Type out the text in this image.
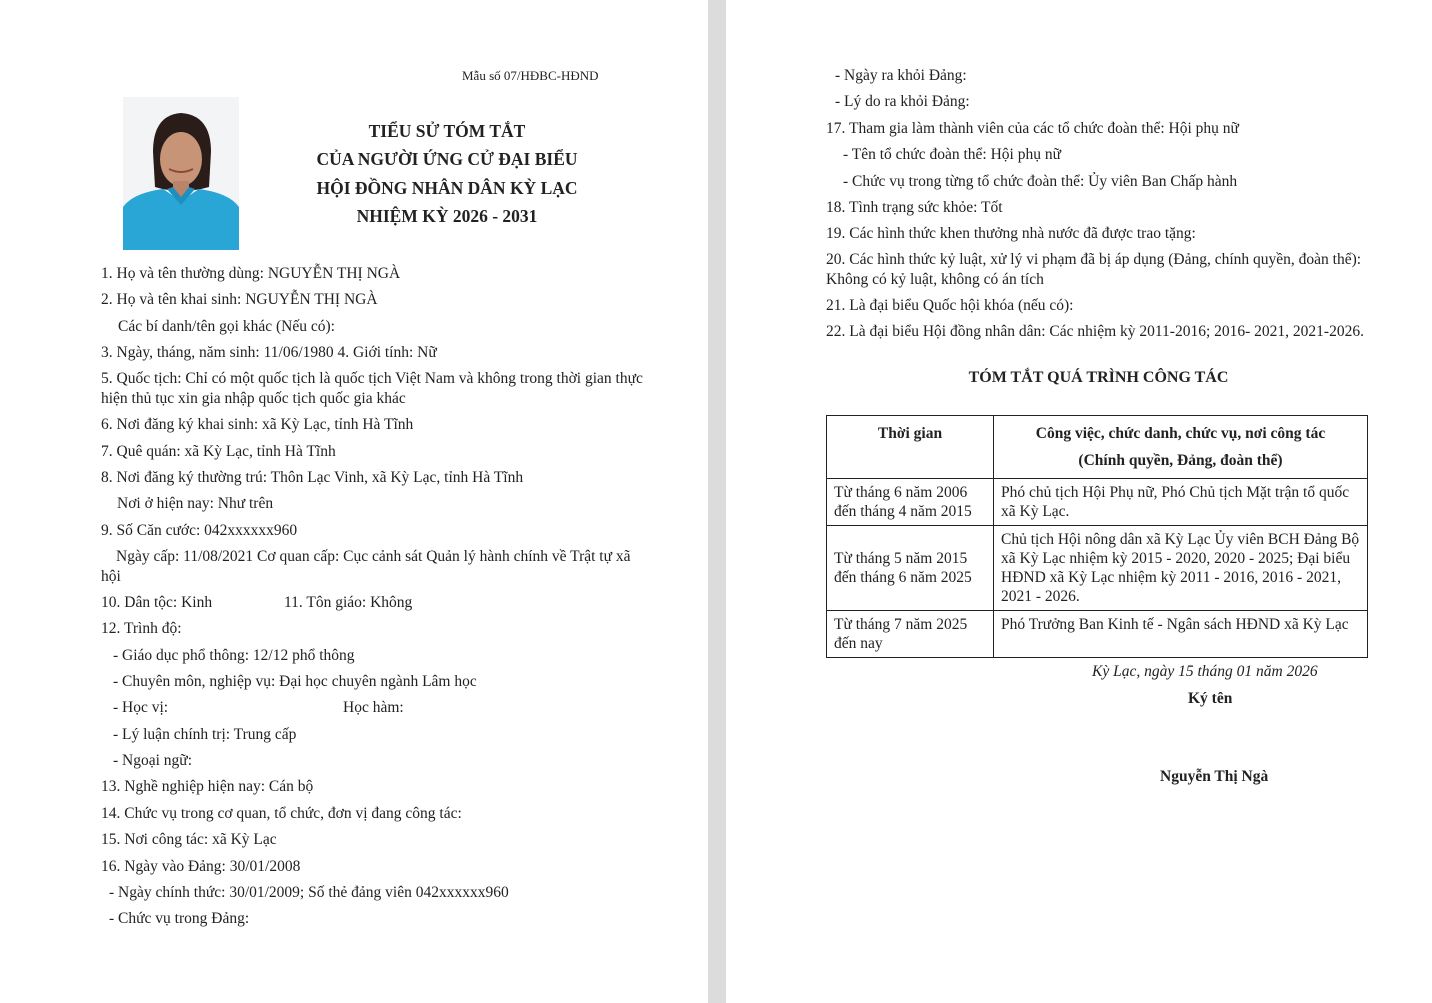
Mẫu số 07/HĐBC-HĐND
TIỂU SỬ TÓM TẮT
CỦA NGƯỜI ỨNG CỬ ĐẠI BIỂU
HỘI ĐỒNG NHÂN DÂN KỲ LẠC
NHIỆM KỲ 2026 - 2031
1. Họ và tên thường dùng: NGUYỄN THỊ NGÀ
2. Họ và tên khai sinh: NGUYỄN THỊ NGÀ
Các bí danh/tên gọi khác (Nếu có):
3. Ngày, tháng, năm sinh: 11/06/1980 4. Giới tính: Nữ
5. Quốc tịch: Chỉ có một quốc tịch là quốc tịch Việt Nam và không trong thời gian thực hiện thủ tục xin gia nhập quốc tịch quốc gia khác
6. Nơi đăng ký khai sinh: xã Kỳ Lạc, tỉnh Hà Tĩnh
7. Quê quán: xã Kỳ Lạc, tỉnh Hà Tĩnh
8. Nơi đăng ký thường trú: Thôn Lạc Vinh, xã Kỳ Lạc, tỉnh Hà Tĩnh
Nơi ở hiện nay: Như trên
9. Số Căn cước: 042xxxxxx960
Ngày cấp: 11/08/2021 Cơ quan cấp: Cục cảnh sát Quản lý hành chính về Trật tự xã hội
10. Dân tộc: Kinh	11. Tôn giáo: Không
12. Trình độ:
- Giáo dục phổ thông: 12/12 phổ thông
- Chuyên môn, nghiệp vụ: Đại học chuyên ngành Lâm học
- Học vị:	Học hàm:
- Lý luận chính trị: Trung cấp
- Ngoại ngữ:
13. Nghề nghiệp hiện nay: Cán bộ
14. Chức vụ trong cơ quan, tổ chức, đơn vị đang công tác:
15. Nơi công tác: xã Kỳ Lạc
16. Ngày vào Đảng: 30/01/2008
- Ngày chính thức: 30/01/2009; Số thẻ đảng viên 042xxxxxx960
- Chức vụ trong Đảng:
- Ngày ra khỏi Đảng:
- Lý do ra khỏi Đảng:
17. Tham gia làm thành viên của các tổ chức đoàn thể: Hội phụ nữ
- Tên tổ chức đoàn thể: Hội phụ nữ
- Chức vụ trong từng tổ chức đoàn thể: Ủy viên Ban Chấp hành
18. Tình trạng sức khỏe: Tốt
19. Các hình thức khen thưởng nhà nước đã được trao tặng:
20. Các hình thức kỷ luật, xử lý vi phạm đã bị áp dụng (Đảng, chính quyền, đoàn thể): Không có kỷ luật, không có án tích
21. Là đại biểu Quốc hội khóa (nếu có):
22. Là đại biểu Hội đồng nhân dân: Các nhiệm kỳ 2011-2016; 2016- 2021, 2021-2026.
TÓM TẮT QUÁ TRÌNH CÔNG TÁC
Thời gian	Công việc, chức danh, chức vụ, nơi công tác
(Chính quyền, Đảng, đoàn thể)

Từ tháng 6 năm 2006 đến tháng 4 năm 2015	Phó chủ tịch Hội Phụ nữ, Phó Chủ tịch Mặt trận tổ quốc xã Kỳ Lạc.
Từ tháng 5 năm 2015 đến tháng 6 năm 2025	Chủ tịch Hội nông dân xã Kỳ Lạc Ủy viên BCH Đảng Bộ xã Kỳ Lạc nhiệm kỳ 2015 - 2020, 2020 - 2025; Đại biểu HĐND xã Kỳ Lạc nhiệm kỳ 2011 - 2016, 2016 - 2021, 2021 - 2026.
Từ tháng 7 năm 2025 đến nay	Phó Trưởng Ban Kinh tế - Ngân sách HĐND xã Kỳ Lạc
Kỳ Lạc, ngày 15 tháng 01 năm 2026
Ký tên
Nguyễn Thị Ngà
